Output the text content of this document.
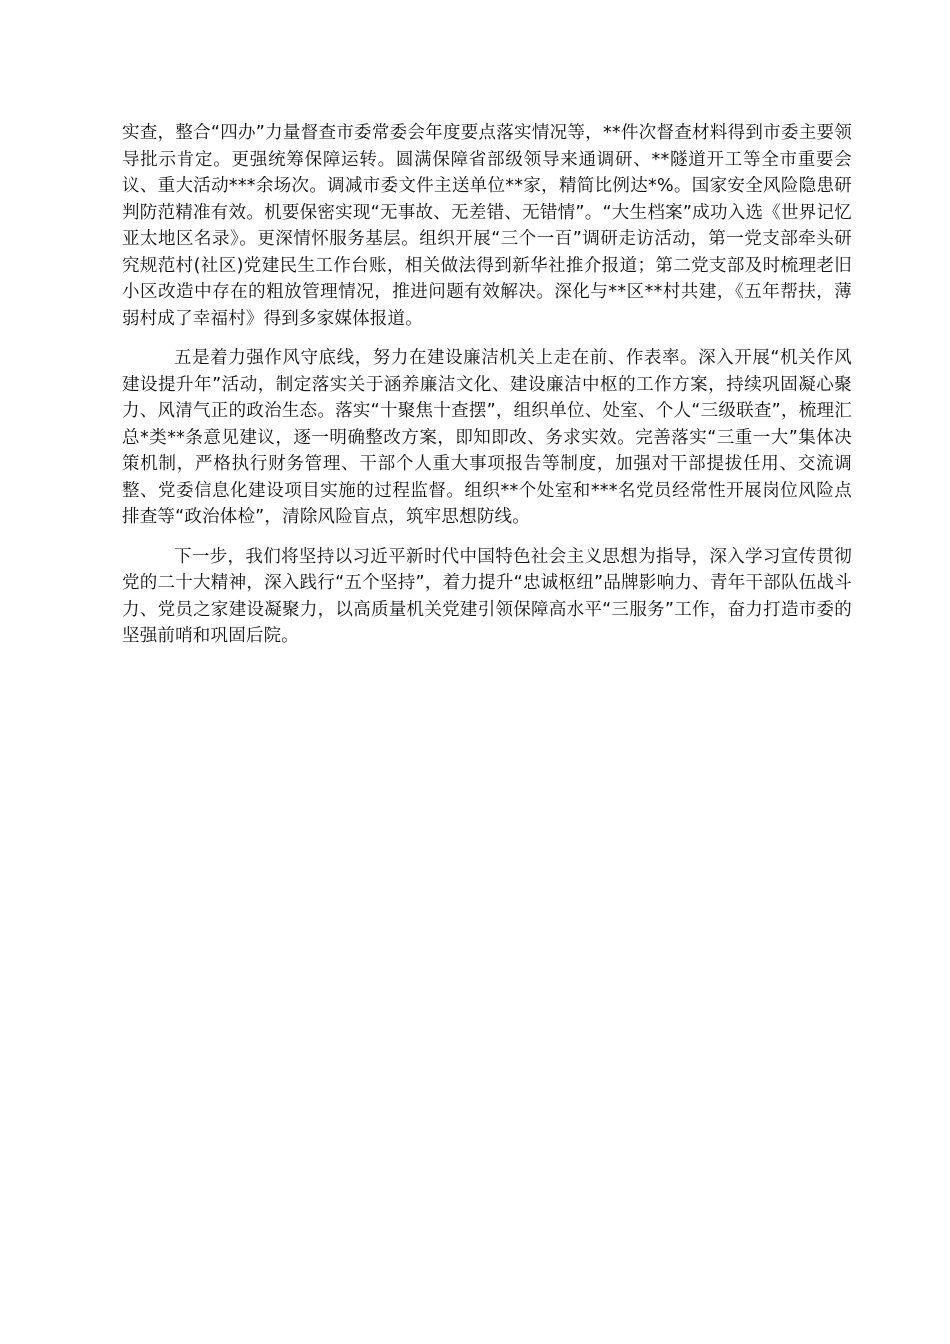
实查，整合“四办”力量督查市委常委会年度要点落实情况等，**件次督查材料得到市委主要领导批示肯定。更强统筹保障运转。圆满保障省部级领导来通调研、**隧道开工等全市重要会议、重大活动***余场次。调减市委文件主送单位**家，精简比例达*%。国家安全风险隐患研判防范精准有效。机要保密实现“无事故、无差错、无错情”。“大生档案”成功入选《世界记忆亚太地区名录》。更深情怀服务基层。组织开展“三个一百”调研走访活动，第一党支部牵头研究规范村(社区)党建民生工作台账，相关做法得到新华社推介报道；第二党支部及时梳理老旧小区改造中存在的粗放管理情况，推进问题有效解决。深化与**区**村共建，《五年帮扶，薄弱村成了幸福村》得到多家媒体报道。

五是着力强作风守底线，努力在建设廉洁机关上走在前、作表率。深入开展“机关作风建设提升年”活动，制定落实关于涵养廉洁文化、建设廉洁中枢的工作方案，持续巩固凝心聚力、风清气正的政治生态。落实“十聚焦十查摆”，组织单位、处室、个人“三级联查”，梳理汇总*类**条意见建议，逐一明确整改方案，即知即改、务求实效。完善落实“三重一大”集体决策机制，严格执行财务管理、干部个人重大事项报告等制度，加强对干部提拔任用、交流调整、党委信息化建设项目实施的过程监督。组织**个处室和***名党员经常性开展岗位风险点排查等“政治体检”，清除风险盲点，筑牢思想防线。

下一步，我们将坚持以习近平新时代中国特色社会主义思想为指导，深入学习宣传贯彻党的二十大精神，深入践行“五个坚持”，着力提升“忠诚枢纽”品牌影响力、青年干部队伍战斗力、党员之家建设凝聚力，以高质量机关党建引领保障高水平“三服务”工作，奋力打造市委的坚强前哨和巩固后院。
